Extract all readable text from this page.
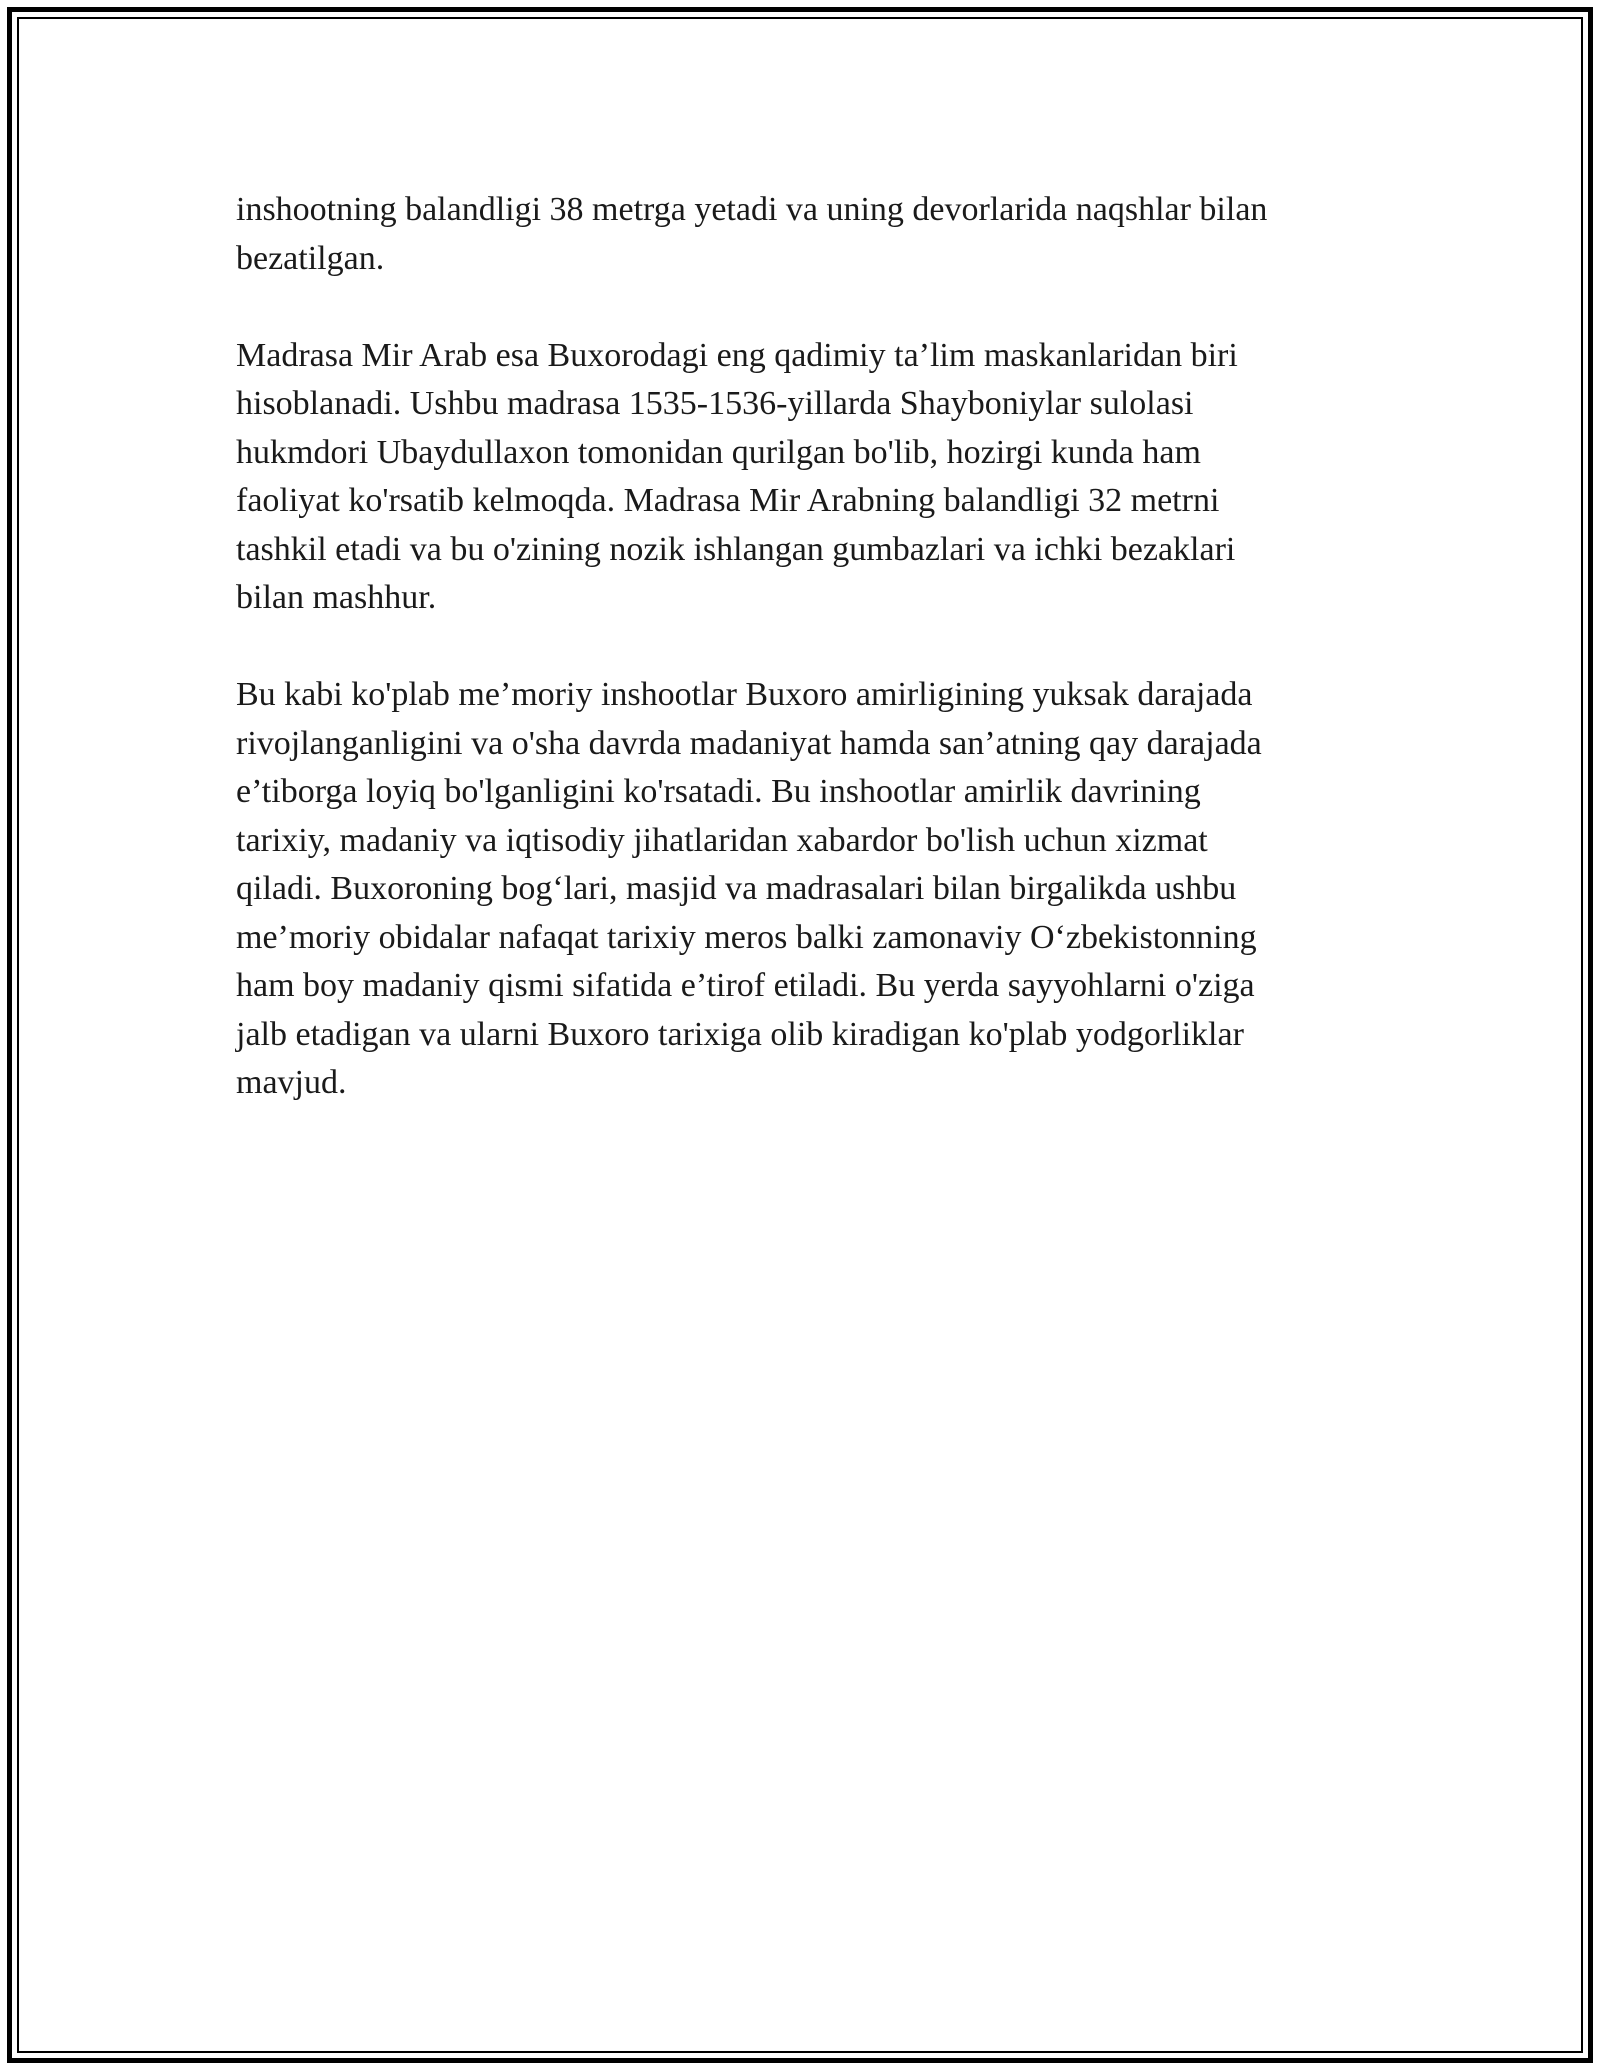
inshootning balandligi 38 metrga yetadi va uning devorlarida naqshlar bilan
bezatilgan.
Madrasa Mir Arab esa Buxorodagi eng qadimiy ta’lim maskanlaridan biri
hisoblanadi. Ushbu madrasa 1535-1536-yillarda Shayboniylar sulolasi
hukmdori Ubaydullaxon tomonidan qurilgan bo'lib, hozirgi kunda ham
faoliyat ko'rsatib kelmoqda. Madrasa Mir Arabning balandligi 32 metrni
tashkil etadi va bu o'zining nozik ishlangan gumbazlari va ichki bezaklari
bilan mashhur.
Bu kabi ko'plab me’moriy inshootlar Buxoro amirligining yuksak darajada
rivojlanganligini va o'sha davrda madaniyat hamda san’atning qay darajada
e’tiborga loyiq bo'lganligini ko'rsatadi. Bu inshootlar amirlik davrining
tarixiy, madaniy va iqtisodiy jihatlaridan xabardor bo'lish uchun xizmat
qiladi. Buxoroning bog‘lari, masjid va madrasalari bilan birgalikda ushbu
me’moriy obidalar nafaqat tarixiy meros balki zamonaviy O‘zbekistonning
ham boy madaniy qismi sifatida e’tirof etiladi. Bu yerda sayyohlarni o'ziga
jalb etadigan va ularni Buxoro tarixiga olib kiradigan ko'plab yodgorliklar
mavjud.
